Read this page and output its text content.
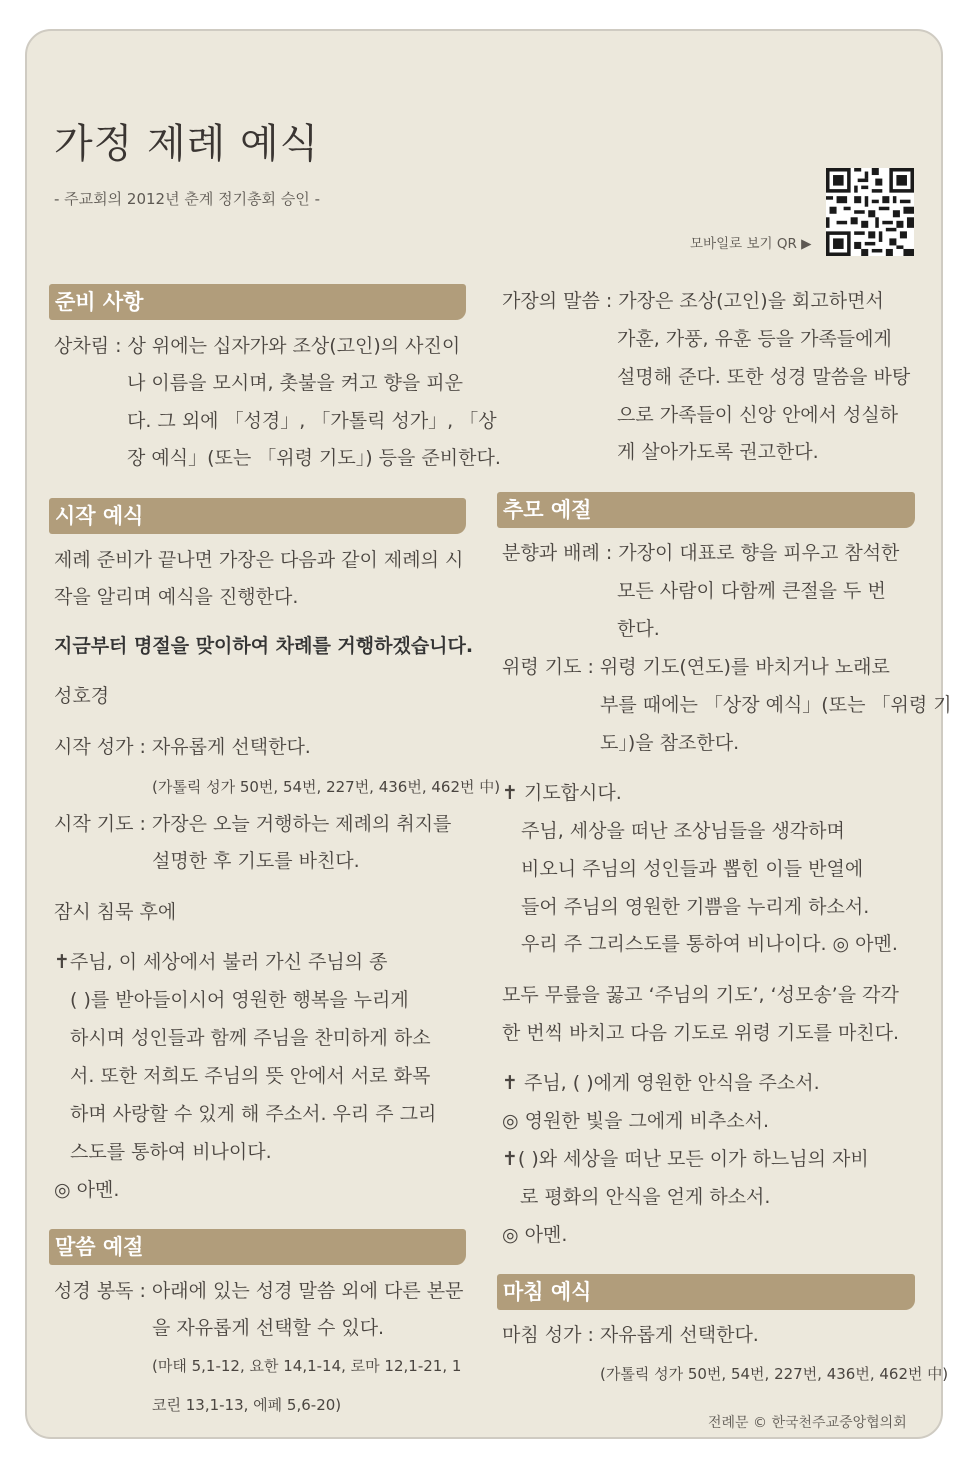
가정 제례 예식
- 주교회의 2012년 춘계 정기총회 승인 -
모바일로 보기 QR ▶
준비 사항
상차림 : 상 위에는 십자가와 조상(고인)의 사진이
나 이름을 모시며, 촛불을 켜고 향을 피운
다. 그 외에 「성경」, 「가톨릭 성가」, 「상
장 예식」(또는 「위령 기도」) 등을 준비한다.
시작 예식
제례 준비가 끝나면 가장은 다음과 같이 제례의 시
작을 알리며 예식을 진행한다.
지금부터 명절을 맞이하여 차례를 거행하겠습니다.
성호경
시작 성가 : 자유롭게 선택한다.
(가톨릭 성가 50번, 54번, 227번, 436번, 462번 中)
시작 기도 : 가장은 오늘 거행하는 제례의 취지를
설명한 후 기도를 바친다.
잠시 침묵 후에
✝주님, 이 세상에서 불러 가신 주님의 종
( )를 받아들이시어 영원한 행복을 누리게
하시며 성인들과 함께 주님을 찬미하게 하소
서. 또한 저희도 주님의 뜻 안에서 서로 화목
하며 사랑할 수 있게 해 주소서. 우리 주 그리
스도를 통하여 비나이다.
◎ 아멘.
말씀 예절
성경 봉독 : 아래에 있는 성경 말씀 외에 다른 본문
을 자유롭게 선택할 수 있다.
(마태 5,1-12, 요한 14,1-14, 로마 12,1-21, 1
코린 13,1-13, 에페 5,6-20)
가장의 말씀 : 가장은 조상(고인)을 회고하면서
가훈, 가풍, 유훈 등을 가족들에게
설명해 준다. 또한 성경 말씀을 바탕
으로 가족들이 신앙 안에서 성실하
게 살아가도록 권고한다.
추모 예절
분향과 배례 : 가장이 대표로 향을 피우고 참석한
모든 사람이 다함께 큰절을 두 번
한다.
위령 기도 : 위령 기도(연도)를 바치거나 노래로
부를 때에는 「상장 예식」(또는 「위령 기
도」)을 참조한다.
✝ 기도합시다.
주님, 세상을 떠난 조상님들을 생각하며
비오니 주님의 성인들과 뽑힌 이들 반열에
들어 주님의 영원한 기쁨을 누리게 하소서.
우리 주 그리스도를 통하여 비나이다. ◎ 아멘.
모두 무릎을 꿇고 ‘주님의 기도’, ‘성모송’을 각각
한 번씩 바치고 다음 기도로 위령 기도를 마친다.
✝ 주님, ( )에게 영원한 안식을 주소서.
◎ 영원한 빛을 그에게 비추소서.
✝( )와 세상을 떠난 모든 이가 하느님의 자비
로 평화의 안식을 얻게 하소서.
◎ 아멘.
마침 예식
마침 성가 : 자유롭게 선택한다.
(가톨릭 성가 50번, 54번, 227번, 436번, 462번 中)
전례문 © 한국천주교중앙협의회
